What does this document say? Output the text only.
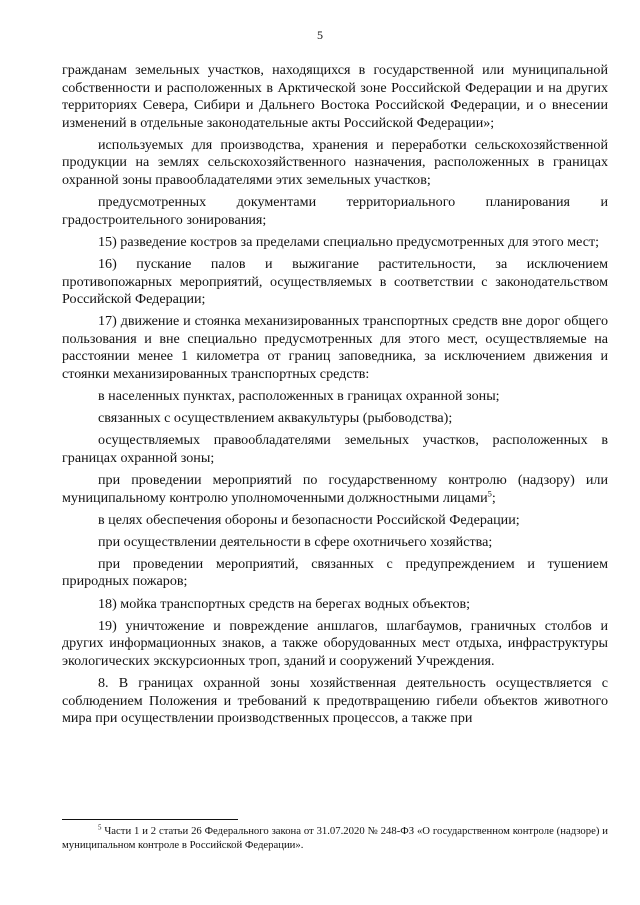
5

гражданам земельных участков, находящихся в государственной или муниципальной собственности и расположенных в Арктической зоне Российской Федерации и на других территориях Севера, Сибири и Дальнего Востока Российской Федерации, и о внесении изменений в отдельные законодательные акты Российской Федерации»;

используемых для производства, хранения и переработки сельскохозяйственной продукции на землях сельскохозяйственного назначения, расположенных в границах охранной зоны правообладателями этих земельных участков;

предусмотренных документами территориального планирования и градостроительного зонирования;

15) разведение костров за пределами специально предусмотренных для этого мест;

16) пускание палов и выжигание растительности, за исключением противопожарных мероприятий, осуществляемых в соответствии с законодательством Российской Федерации;

17) движение и стоянка механизированных транспортных средств вне дорог общего пользования и вне специально предусмотренных для этого мест, осуществляемые на расстоянии менее 1 километра от границ заповедника, за исключением движения и стоянки механизированных транспортных средств:

в населенных пунктах, расположенных в границах охранной зоны;

связанных с осуществлением аквакультуры (рыбоводства);

осуществляемых правообладателями земельных участков, расположенных в границах охранной зоны;

при проведении мероприятий по государственному контролю (надзору) или муниципальному контролю уполномоченными должностными лицами$^5$;

в целях обеспечения обороны и безопасности Российской Федерации;

при осуществлении деятельности в сфере охотничьего хозяйства;

при проведении мероприятий, связанных с предупреждением и тушением природных пожаров;

18) мойка транспортных средств на берегах водных объектов;

19) уничтожение и повреждение аншлагов, шлагбаумов, граничных столбов и других информационных знаков, а также оборудованных мест отдыха, инфраструктуры экологических экскурсионных троп, зданий и сооружений Учреждения.

8. В границах охранной зоны хозяйственная деятельность осуществляется с соблюдением Положения и требований к предотвращению гибели объектов животного мира при осуществлении производственных процессов, а также при

$^5$ Части 1 и 2 статьи 26 Федерального закона от 31.07.2020 № 248-ФЗ «О государственном контроле (надзоре) и муниципальном контроле в Российской Федерации».
